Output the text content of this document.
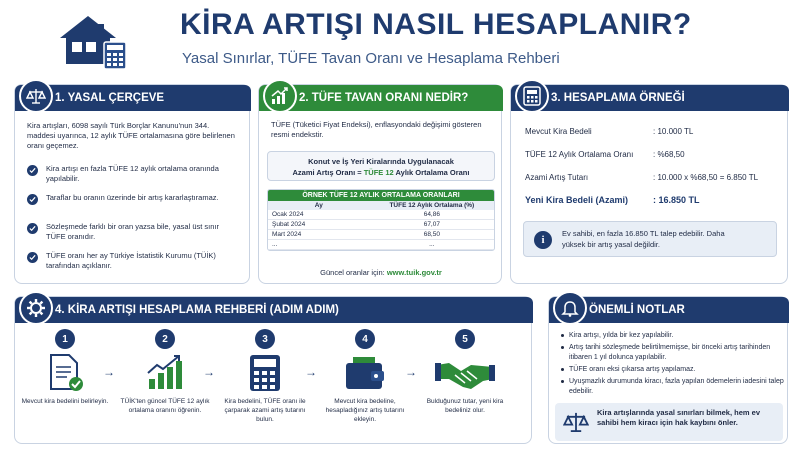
KİRA ARTIŞI NASIL HESAPLANIR?
Yasal Sınırlar, TÜFE Tavan Oranı ve Hesaplama Rehberi
1. YASAL ÇERÇEVE
Kira artışları, 6098 sayılı Türk Borçlar Kanunu'nun 344. maddesi uyarınca, 12 aylık TÜFE ortalamasına göre belirlenen oranı geçemez.
Kira artışı en fazla TÜFE 12 aylık ortalama oranında yapılabilir.
Taraflar bu oranın üzerinde bir artış kararlaştıramaz.
Sözleşmede farklı bir oran yazsa bile, yasal üst sınır TÜFE oranıdır.
TÜFE oranı her ay Türkiye İstatistik Kurumu (TÜİK) tarafından açıklanır.
2. TÜFE TAVAN ORANI NEDİR?
TÜFE (Tüketici Fiyat Endeksi), enflasyondaki değişimi gösteren resmi endekstir.
Konut ve İş Yeri Kiralarında Uygulanacak
Azami Artış Oranı = TÜFE 12 Aylık Ortalama Oranı
ÖRNEK TÜFE 12 AYLIK ORTALAMA ORANLARI
Ay	TÜFE 12 Aylık Ortalama (%)
Ocak 2024	64,86
Şubat 2024	67,07
Mart 2024	68,50
...	...
Güncel oranlar için: www.tuik.gov.tr
3. HESAPLAMA ÖRNEĞİ
Mevcut Kira Bedeli	: 10.000 TL
TÜFE 12 Aylık Ortalama Oranı	: %68,50
Azami Artış Tutarı	: 10.000 x %68,50 = 6.850 TL
Yeni Kira Bedeli (Azami)	: 16.850 TL
i
Ev sahibi, en fazla 16.850 TL talep edebilir. Daha yüksek bir artış yasal değildir.
4. KİRA ARTIŞI HESAPLAMA REHBERİ (ADIM ADIM)
1
Mevcut kira bedelini belirleyin.
→
2
TÜİK'ten güncel TÜFE 12 aylık ortalama oranını öğrenin.
→
3
Kira bedelini, TÜFE oranı ile çarparak azami artış tutarını bulun.
→
4
Mevcut kira bedeline, hesapladığınız artış tutarını ekleyin.
→
5
Bulduğunuz tutar, yeni kira bedeliniz olur.
ÖNEMLİ NOTLAR
Kira artışı, yılda bir kez yapılabilir.
Artış tarihi sözleşmede belirtilmemişse, bir önceki artış tarihinden itibaren 1 yıl dolunca yapılabilir.
TÜFE oranı eksi çıkarsa artış yapılamaz.
Uyuşmazlık durumunda kiracı, fazla yapılan ödemelerin iadesini talep edebilir.
Kira artışlarında yasal sınırları bilmek, hem ev sahibi hem kiracı için hak kaybını önler.
